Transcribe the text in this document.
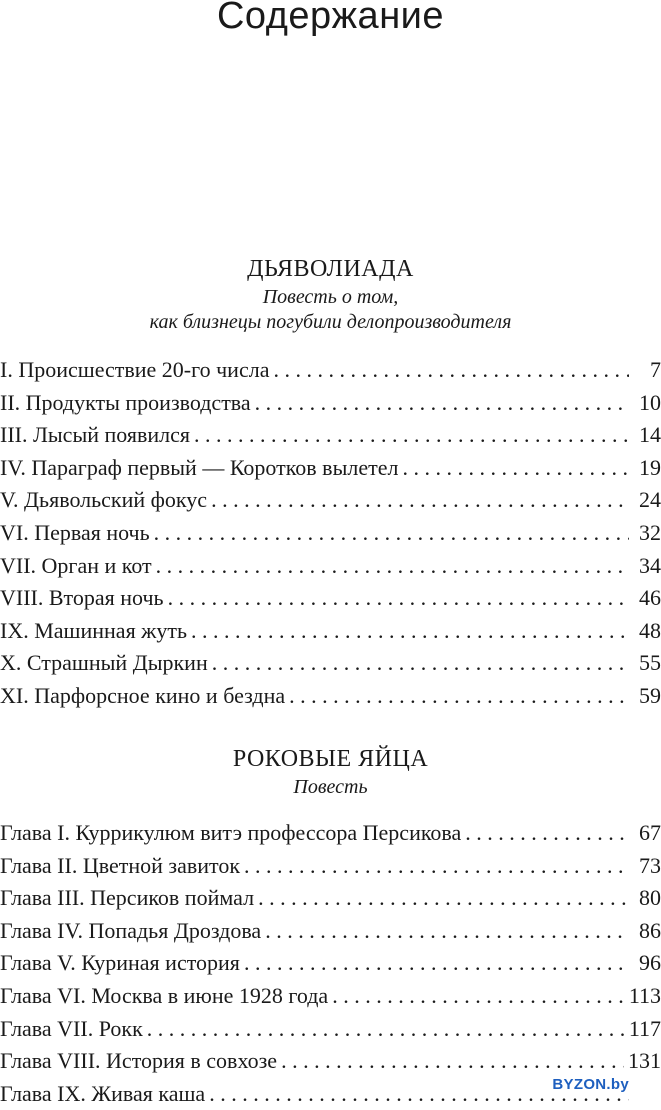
Содержание
ДЬЯВОЛИАДА
Повесть о том,
как близнецы погубили делопроизводителя
I. Происшествие 20-го числа . . .	7
II. Продукты производства . . .	10
III. Лысый появился . . .	14
IV. Параграф первый — Коротков вылетел . . .	19
V. Дьявольский фокус . . .	24
VI. Первая ночь . . .	32
VII. Орган и кот . . .	34
VIII. Вторая ночь . . .	46
IX. Машинная жуть . . .	48
X. Страшный Дыркин . . .	55
XI. Парфорсное кино и бездна . . .	59
РОКОВЫЕ ЯЙЦА
Повесть
Глава I. Куррикулюм витэ профессора Персикова . . .	67
Глава II. Цветной завиток . . .	73
Глава III. Персиков поймал . . .	80
Глава IV. Попадья Дроздова . . .	86
Глава V. Куриная история . . .	96
Глава VI. Москва в июне 1928 года . . .	113
Глава VII. Рокк . . .	117
Глава VIII. История в совхозе . . .	131
Глава IX. Живая каша . . .	BYZON.by
